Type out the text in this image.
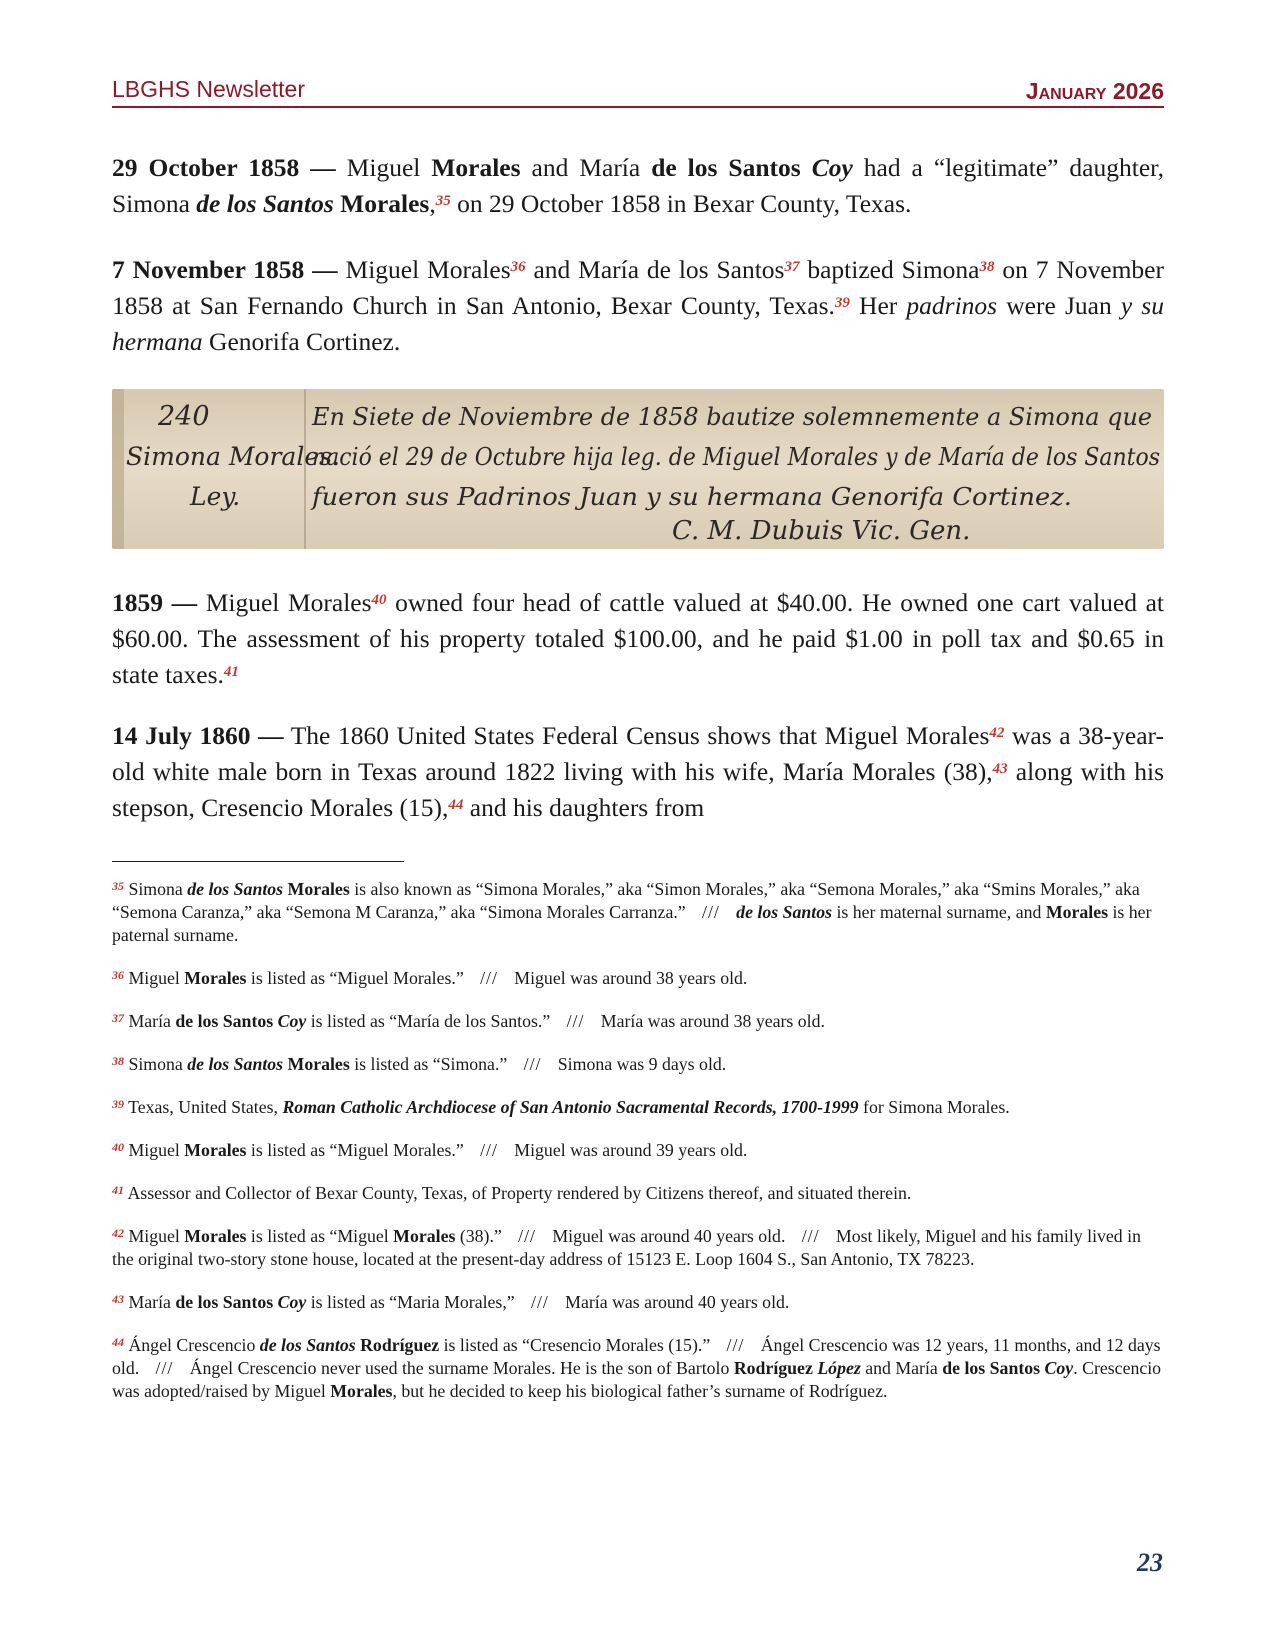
LBGHS Newsletter	January 2026

29 October 1858 — Miguel Morales and María de los Santos Coy had a “legitimate” daughter, Simona de los Santos Morales,$^{35}$ on 29 October 1858 in Bexar County, Texas.

7 November 1858 — Miguel Morales$^{36}$ and María de los Santos$^{37}$ baptized Simona$^{38}$ on 7 November 1858 at San Fernando Church in San Antonio, Bexar County, Texas.$^{39}$ Her padrinos were Juan y su hermana Genorifa Cortinez.

240
Simona Morales.
Ley.
En Siete de Noviembre de 1858 bautize solemnemente a Simona que
nació el 29 de Octubre hija leg. de Miguel Morales y de María de los Santos
fueron sus Padrinos Juan y su hermana Genorifa Cortinez.
C. M. Dubuis Vic. Gen.

1859 — Miguel Morales$^{40}$ owned four head of cattle valued at $40.00. He owned one cart valued at $60.00. The assessment of his property totaled $100.00, and he paid $1.00 in poll tax and $0.65 in state taxes.$^{41}$

14 July 1860 — The 1860 United States Federal Census shows that Miguel Morales$^{42}$ was a 38-year-old white male born in Texas around 1822 living with his wife, María Morales (38),$^{43}$ along with his stepson, Cresencio Morales (15),$^{44}$ and his daughters from

$^{35}$ Simona de los Santos Morales is also known as “Simona Morales,” aka “Simon Morales,” aka “Semona Morales,” aka “Smins Morales,” aka “Semona Caranza,” aka “Semona M Caranza,” aka “Simona Morales Carranza.”   ///   de los Santos is her maternal surname, and Morales is her paternal surname.

$^{36}$ Miguel Morales is listed as “Miguel Morales.”   ///   Miguel was around 38 years old.

$^{37}$ María de los Santos Coy is listed as “María de los Santos.”   ///   María was around 38 years old.

$^{38}$ Simona de los Santos Morales is listed as “Simona.”   ///   Simona was 9 days old.

$^{39}$ Texas, United States, Roman Catholic Archdiocese of San Antonio Sacramental Records, 1700-1999 for Simona Morales.

$^{40}$ Miguel Morales is listed as “Miguel Morales.”   ///   Miguel was around 39 years old.

$^{41}$ Assessor and Collector of Bexar County, Texas, of Property rendered by Citizens thereof, and situated therein.

$^{42}$ Miguel Morales is listed as “Miguel Morales (38).”   ///   Miguel was around 40 years old.   ///   Most likely, Miguel and his family lived in the original two-story stone house, located at the present-day address of 15123 E. Loop 1604 S., San Antonio, TX 78223.

$^{43}$ María de los Santos Coy is listed as “Maria Morales,”   ///   María was around 40 years old.

$^{44}$ Ángel Crescencio de los Santos Rodríguez is listed as “Cresencio Morales (15).”   ///   Ángel Crescencio was 12 years, 11 months, and 12 days old.   ///   Ángel Crescencio never used the surname Morales. He is the son of Bartolo Rodríguez López and María de los Santos Coy. Crescencio was adopted/raised by Miguel Morales, but he decided to keep his biological father’s surname of Rodríguez.

23
